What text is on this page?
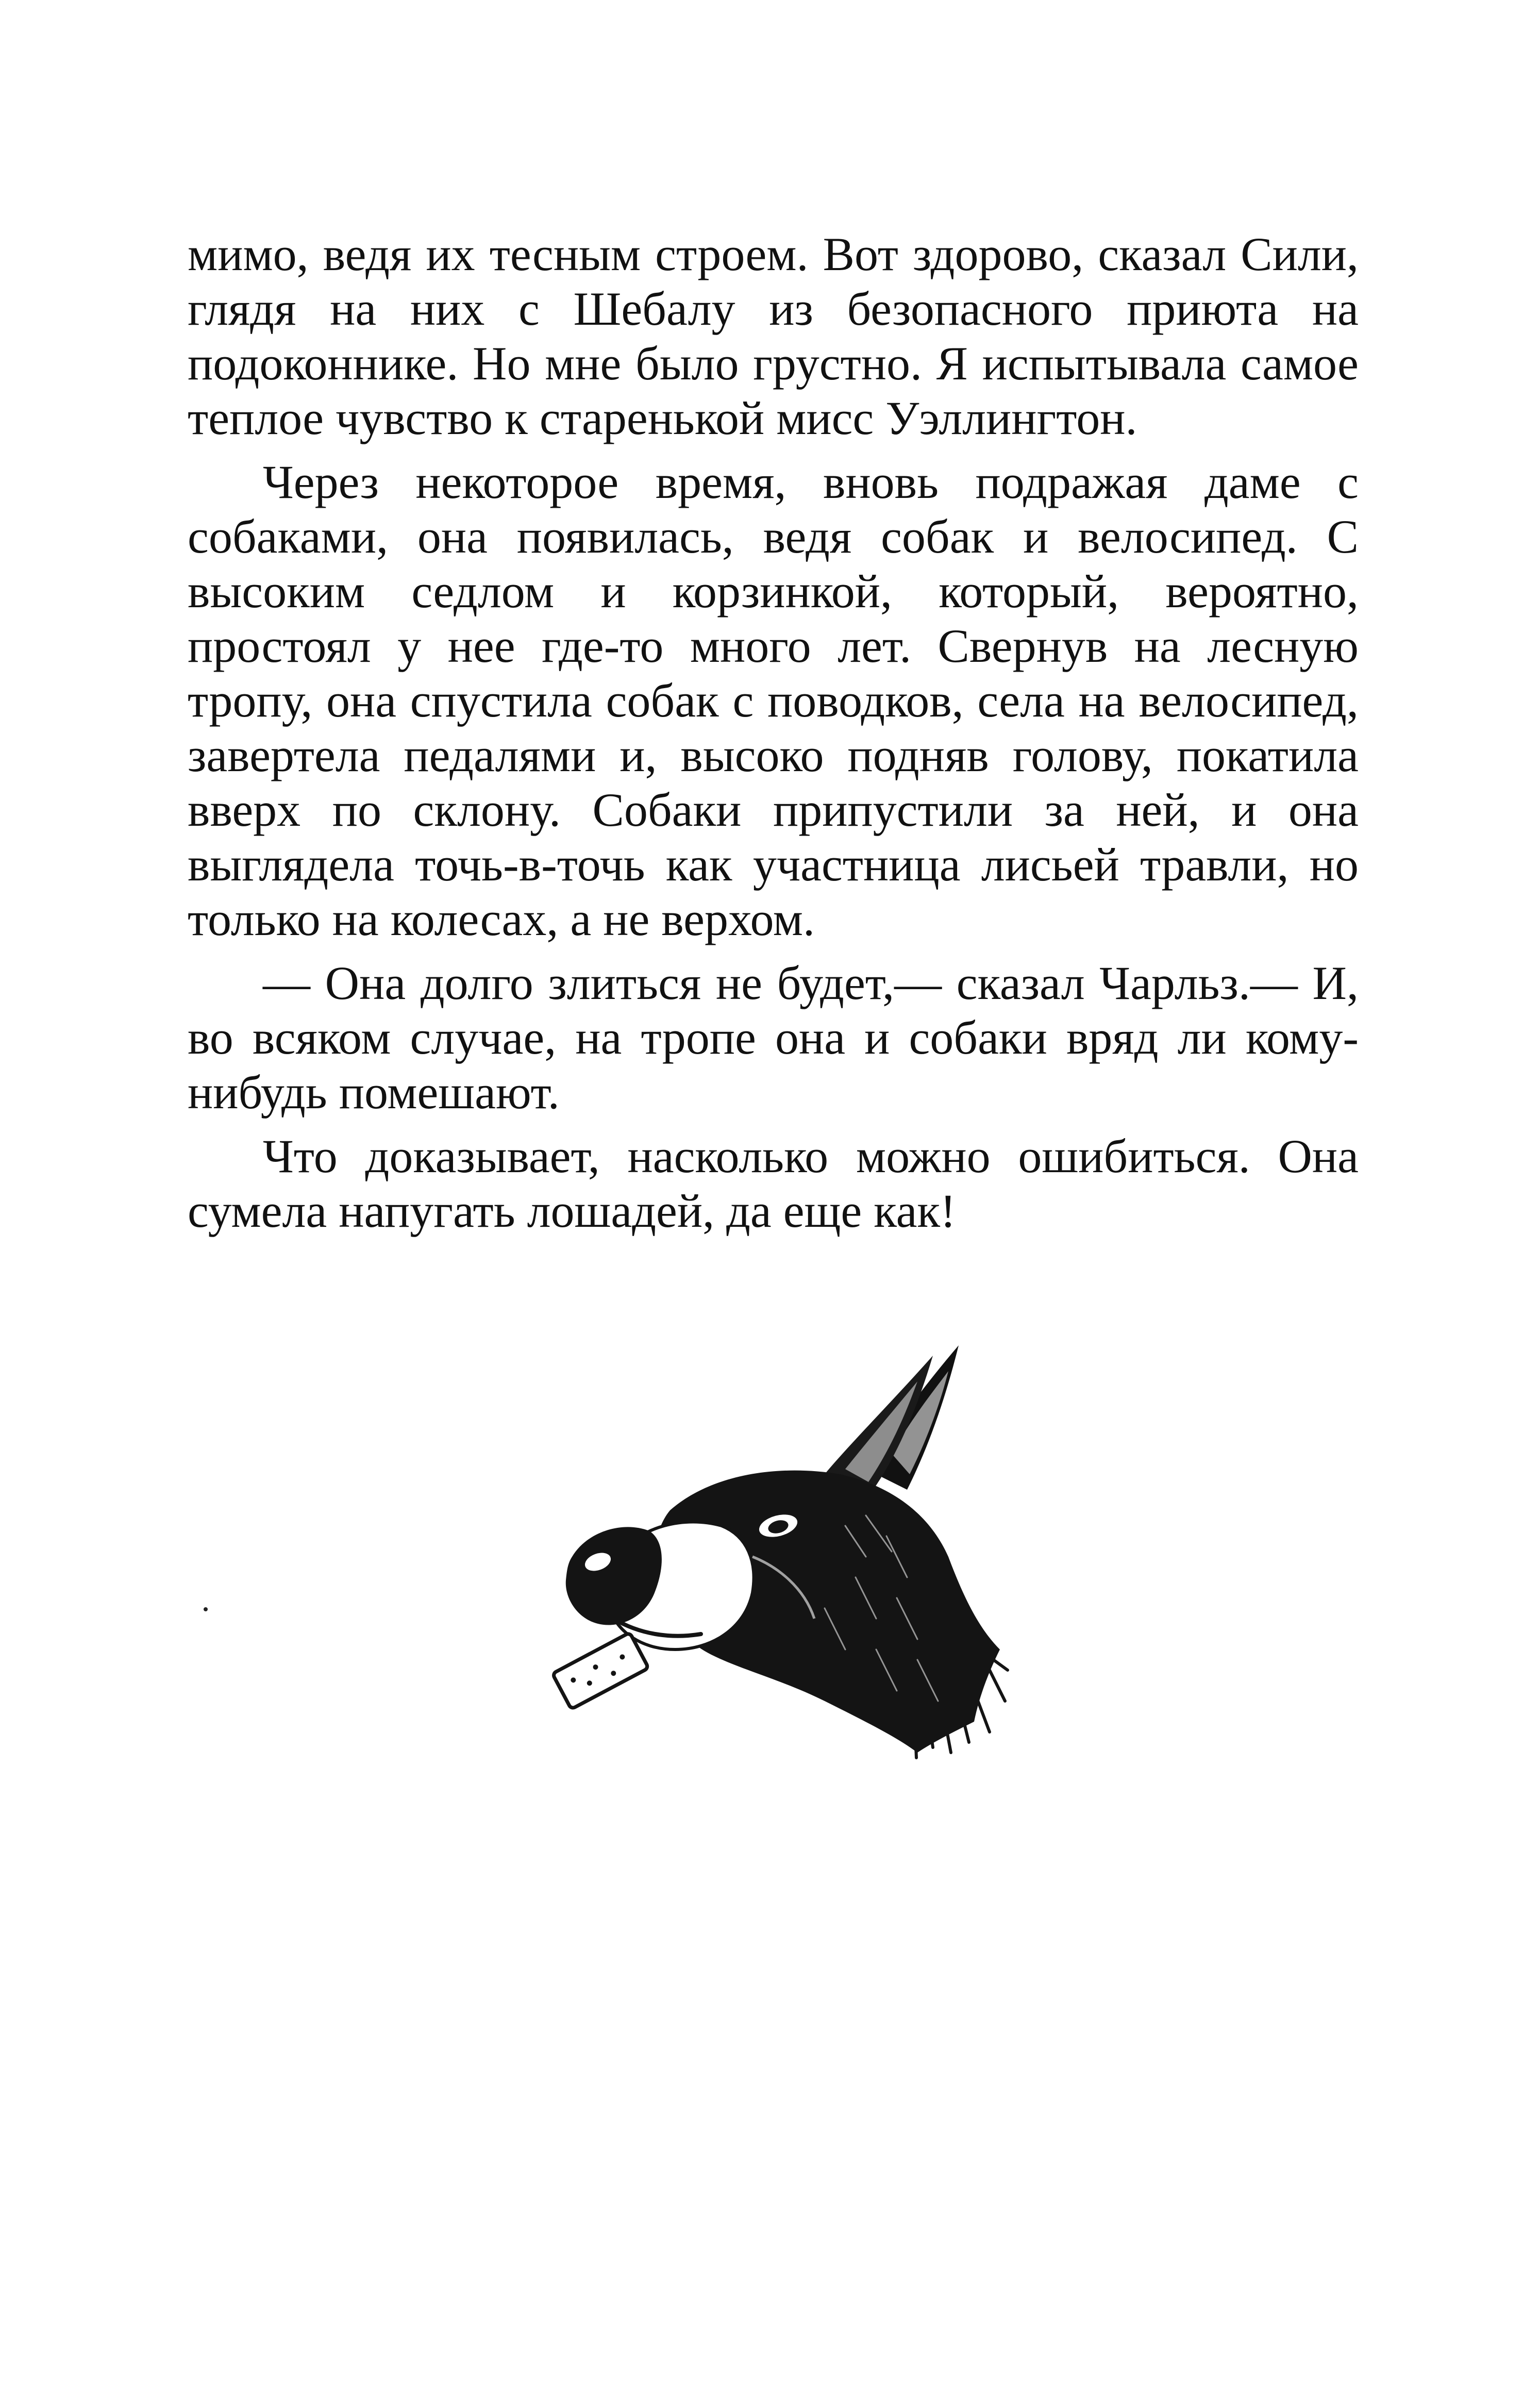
мимо, ведя их тесным строем. Вот здорово, сказал Сили, глядя на них с Шебалу из безопасного приюта на подоконнике. Но мне было грустно. Я испытывала самое теплое чувство к старенькой мисс Уэллингтон.

Через некоторое время, вновь подражая даме с собаками, она появилась, ведя собак и велосипед. С высоким седлом и корзинкой, который, вероятно, простоял у нее где-то много лет. Свернув на лесную тропу, она спустила собак с поводков, села на велосипед, завертела педалями и, высоко подняв голову, покатила вверх по склону. Собаки припустили за ней, и она выглядела точь-в-точь как участница лисьей травли, но только на колесах, а не верхом.

— Она долго злиться не будет,— сказал Чарльз.— И, во всяком случае, на тропе она и собаки вряд ли кому-нибудь помешают.

Что доказывает, насколько можно ошибиться. Она сумела напугать лошадей, да еще как!
